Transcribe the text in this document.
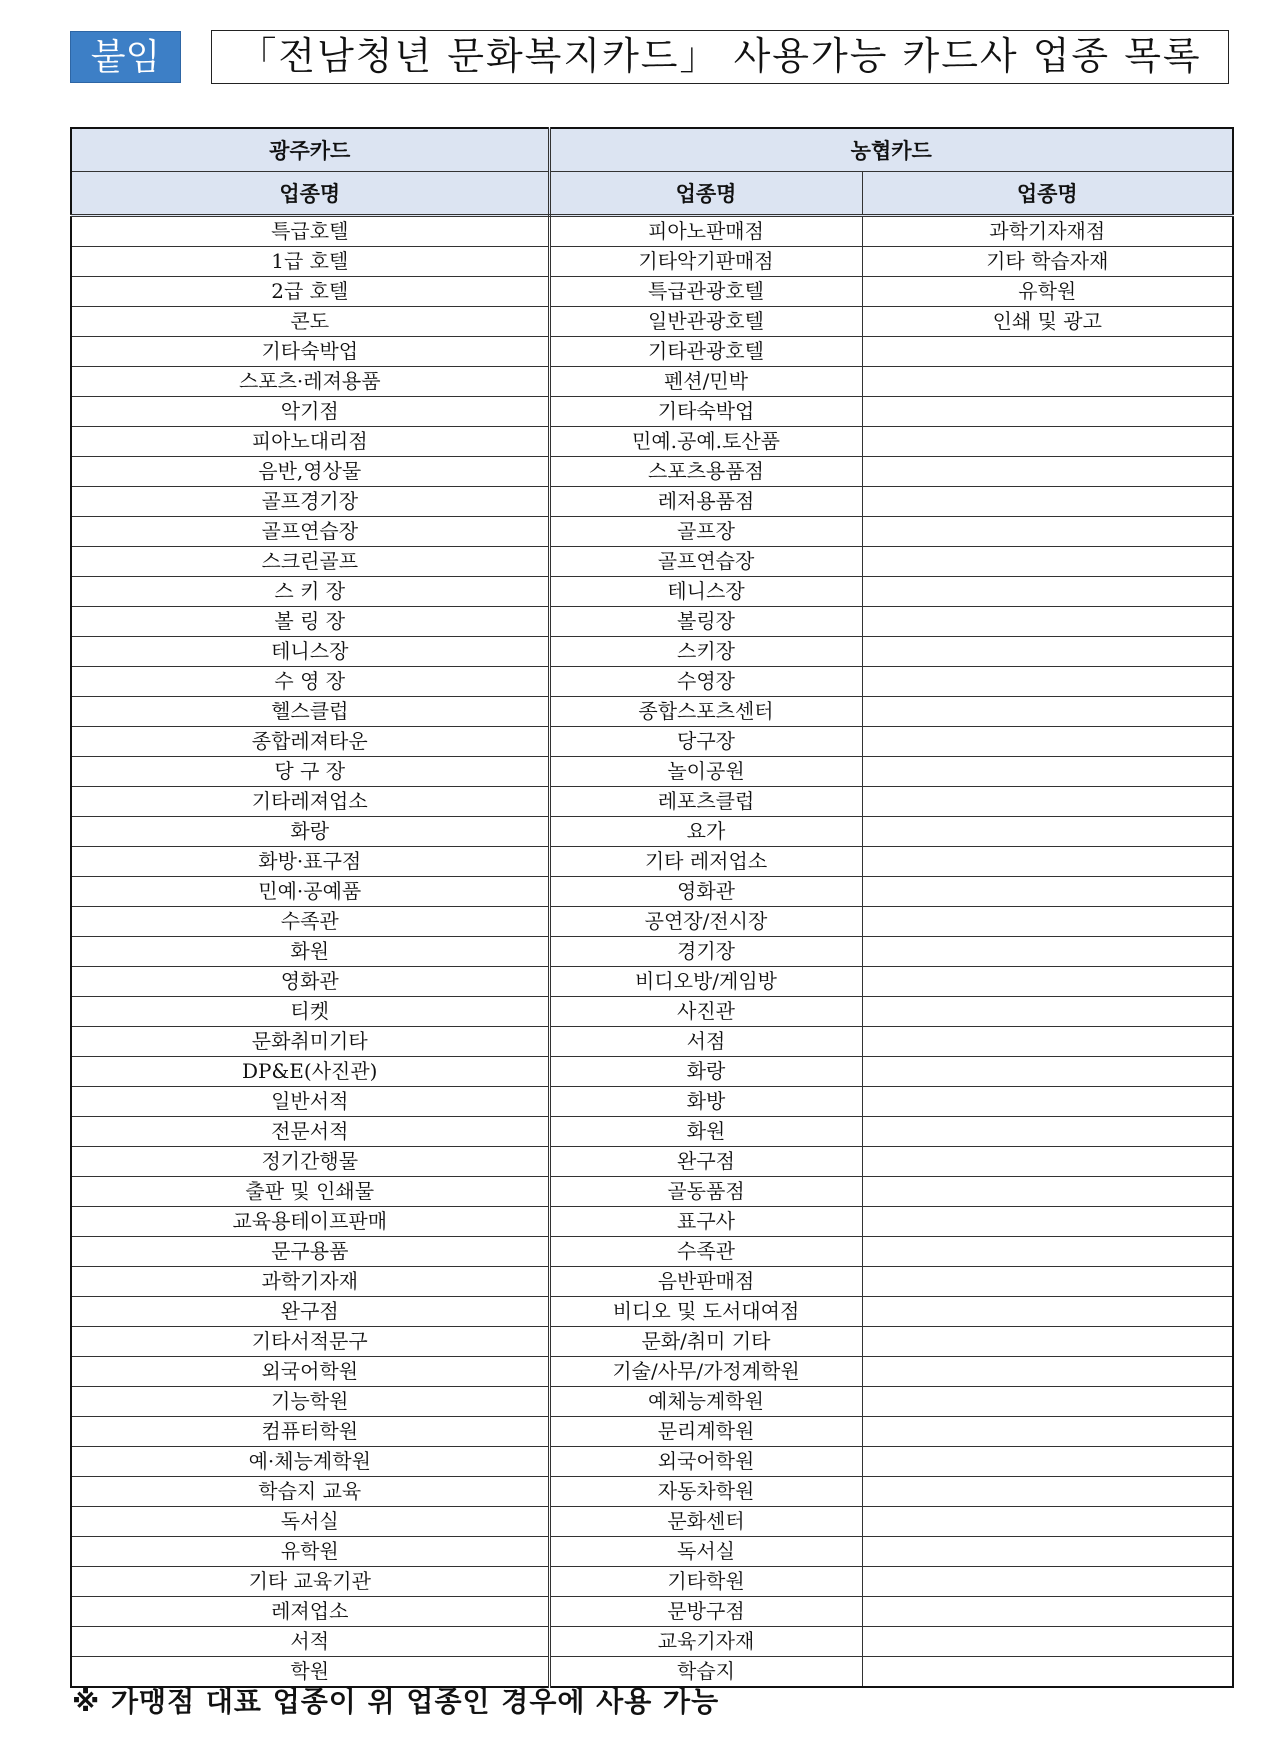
붙임	「전남청년 문화복지카드」 사용가능 카드사 업종 목록
광주카드	농협카드	
업종명	업종명	업종명
특급호텔	피아노판매점	과학기자재점
1급 호텔	기타악기판매점	기타 학습자재
2급 호텔	특급관광호텔	유학원
콘도	일반관광호텔	인쇄 및 광고
기타숙박업	기타관광호텔	
스포츠·레져용품	펜션/민박	
악기점	기타숙박업	
피아노대리점	민예.공예.토산품	
음반,영상물	스포츠용품점	
골프경기장	레저용품점	
골프연습장	골프장	
스크린골프	골프연습장	
스 키 장	테니스장	
볼 링 장	볼링장	
테니스장	스키장	
수 영 장	수영장	
헬스클럽	종합스포츠센터	
종합레져타운	당구장	
당 구 장	놀이공원	
기타레져업소	레포츠클럽	
화랑	요가	
화방·표구점	기타 레저업소	
민예·공예품	영화관	
수족관	공연장/전시장	
화원	경기장	
영화관	비디오방/게임방	
티켓	사진관	
문화취미기타	서점	
DP&E(사진관)	화랑	
일반서적	화방	
전문서적	화원	
정기간행물	완구점	
출판 및 인쇄물	골동품점	
교육용테이프판매	표구사	
문구용품	수족관	
과학기자재	음반판매점	
완구점	비디오 및 도서대여점	
기타서적문구	문화/취미 기타	
외국어학원	기술/사무/가정계학원	
기능학원	예체능계학원	
컴퓨터학원	문리계학원	
예·체능계학원	외국어학원	
학습지 교육	자동차학원	
독서실	문화센터	
유학원	독서실	
기타 교육기관	기타학원	
레져업소	문방구점	
서적	교육기자재	
학원	학습지	
※ 가맹점 대표 업종이 위 업종인 경우에 사용 가능
